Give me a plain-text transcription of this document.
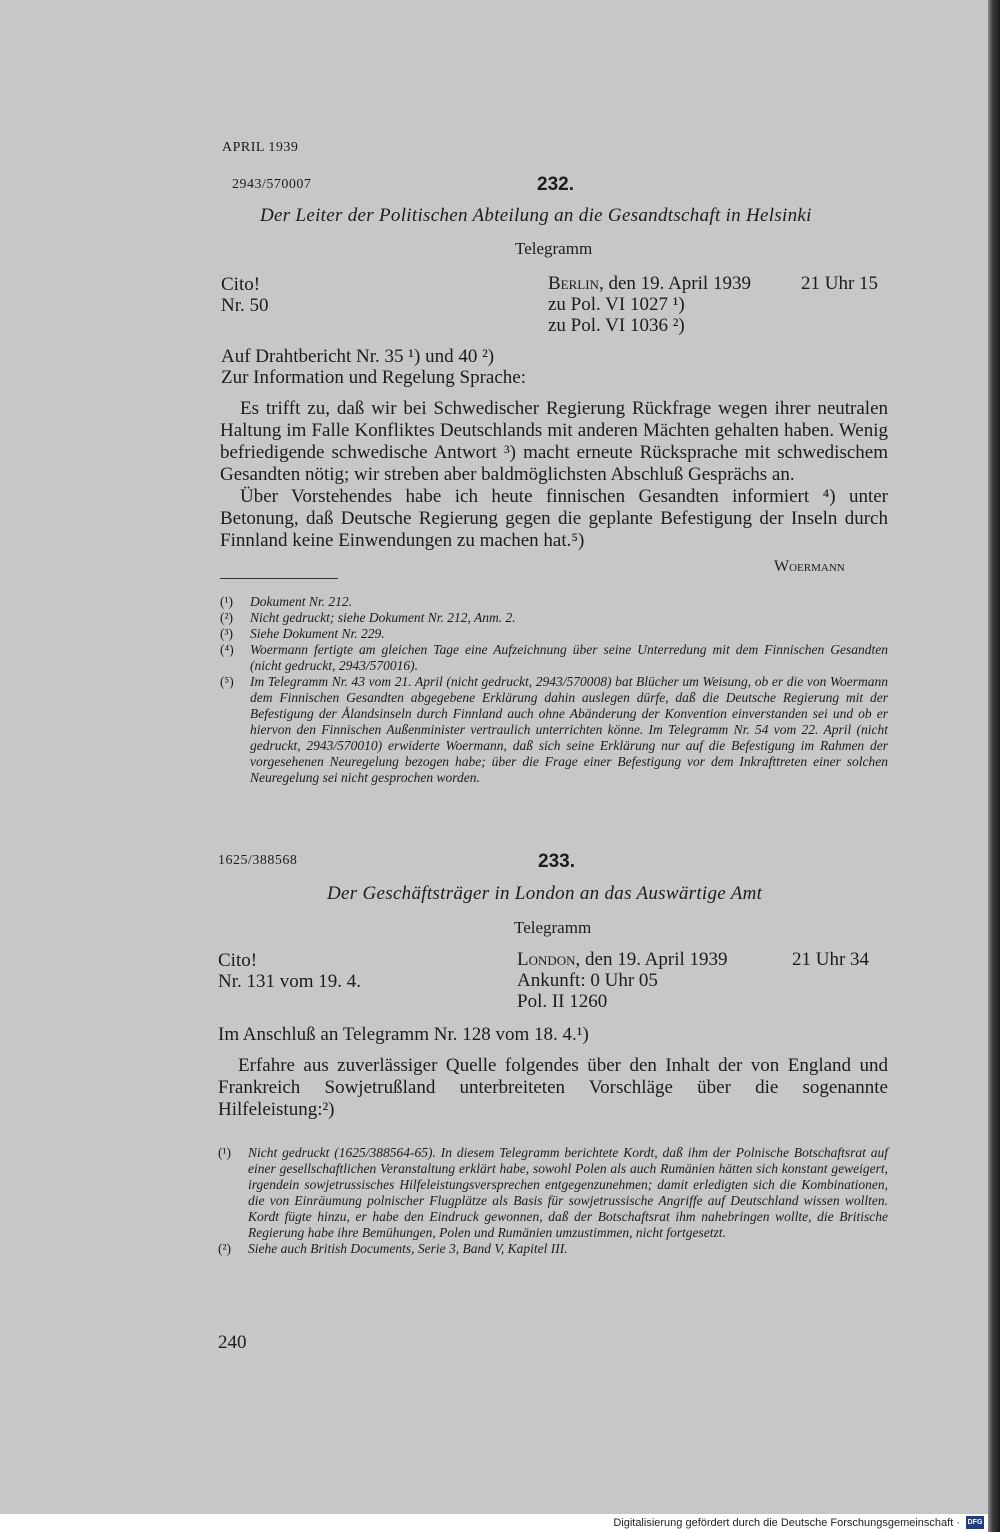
APRIL 1939
2943/570007	232.
Der Leiter der Politischen Abteilung an die Gesandtschaft in Helsinki
Telegramm
Cito!
Nr. 50
Berlin, den 19. April 1939	21 Uhr 15
zu Pol. VI 1027 ¹)
zu Pol. VI 1036 ²)
Auf Drahtbericht Nr. 35 ¹) und 40 ²)
Zur Information und Regelung Sprache:

Es trifft zu, daß wir bei Schwedischer Regierung Rückfrage wegen ihrer neutralen Haltung im Falle Konfliktes Deutschlands mit anderen Mächten gehalten haben. Wenig befriedigende schwedische Antwort ³) macht erneute Rücksprache mit schwedischem Gesandten nötig; wir streben aber baldmöglichsten Abschluß Gesprächs an.

Über Vorstehendes habe ich heute finnischen Gesandten informiert ⁴) unter Betonung, daß Deutsche Regierung gegen die geplante Befestigung der Inseln durch Finnland keine Einwendungen zu machen hat.⁵)

Woermann
(¹)	Dokument Nr. 212.
(²)	Nicht gedruckt; siehe Dokument Nr. 212, Anm. 2.
(³)	Siehe Dokument Nr. 229.
(⁴)	Woermann fertigte am gleichen Tage eine Aufzeichnung über seine Unterredung mit dem Finnischen Gesandten (nicht gedruckt, 2943/570016).
(⁵)	Im Telegramm Nr. 43 vom 21. April (nicht gedruckt, 2943/570008) bat Blücher um Weisung, ob er die von Woermann dem Finnischen Gesandten abgegebene Erklärung dahin auslegen dürfe, daß die Deutsche Regierung mit der Befestigung der Ålandsinseln durch Finnland auch ohne Abänderung der Konvention einverstanden sei und ob er hiervon den Finnischen Außenminister vertraulich unterrichten könne. Im Telegramm Nr. 54 vom 22. April (nicht gedruckt, 2943/570010) erwiderte Woermann, daß sich seine Erklärung nur auf die Befestigung im Rahmen der vorgesehenen Neuregelung bezogen habe; über die Frage einer Befestigung vor dem Inkrafttreten einer solchen Neuregelung sei nicht gesprochen worden.
1625/388568	233.
Der Geschäftsträger in London an das Auswärtige Amt
Telegramm
Cito!
Nr. 131 vom 19. 4.
London, den 19. April 1939	21 Uhr 34
Ankunft: 0 Uhr 05
Pol. II 1260
Im Anschluß an Telegramm Nr. 128 vom 18. 4.¹)

Erfahre aus zuverlässiger Quelle folgendes über den Inhalt der von England und Frankreich Sowjetrußland unterbreiteten Vorschläge über die sogenannte Hilfeleistung:²)

(¹)	Nicht gedruckt (1625/388564-65). In diesem Telegramm berichtete Kordt, daß ihm der Polnische Botschaftsrat auf einer gesellschaftlichen Veranstaltung erklärt habe, sowohl Polen als auch Rumänien hätten sich konstant geweigert, irgendein sowjetrussisches Hilfeleistungsversprechen entgegenzunehmen; damit erledigten sich die Kombinationen, die von Einräumung polnischer Flugplätze als Basis für sowjetrussische Angriffe auf Deutschland wissen wollten. Kordt fügte hinzu, er habe den Eindruck gewonnen, daß der Botschaftsrat ihm nahebringen wollte, die Britische Regierung habe ihre Bemühungen, Polen und Rumänien umzustimmen, nicht fortgesetzt.
(²)	Siehe auch British Documents, Serie 3, Band V, Kapitel III.
240
Digitalisierung gefördert durch die Deutsche Forschungsgemeinschaft · DFG
